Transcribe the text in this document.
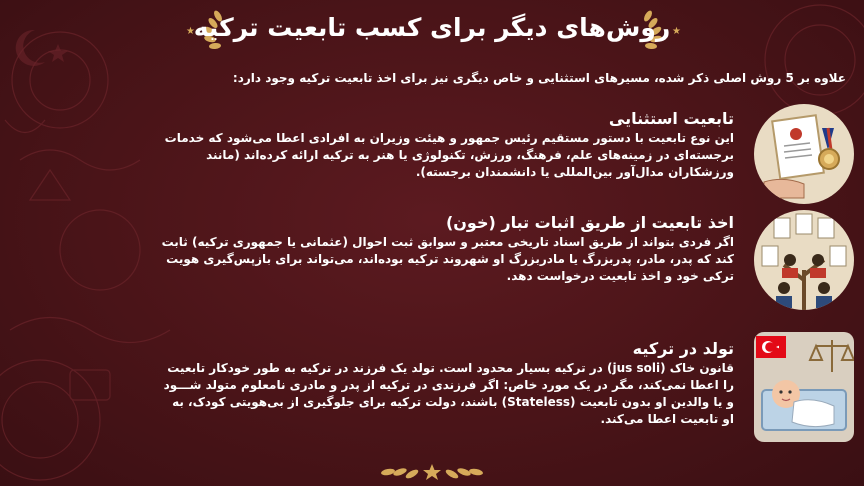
★	★
روش‌های دیگر برای کسب تابعیت ترکیه
علاوه بر 5 روش اصلی ذکر شده، مسیرهای استثنایی و خاص دیگری نیز برای اخذ تابعیت ترکیه وجود دارد:
تابعیت استثنایی

این نوع تابعیت با دستور مستقیم رئیس جمهور و هیئت وزیران به افرادی اعطا می‌شود که خدمات برجسته‌ای در زمینه‌های علم، فرهنگ، ورزش، تکنولوژی یا هنر به ترکیه ارائه کرده‌اند (مانند ورزشکاران مدال‌آور بین‌المللی یا دانشمندان برجسته).

اخذ تابعیت از طریق اثبات تبار (خون)

اگر فردی بتواند از طریق اسناد تاریخی معتبر و سوابق ثبت احوال (عثمانی یا جمهوری ترکیه) ثابت کند که پدر، مادر، پدربزرگ یا مادربزرگ او شهروند ترکیه بوده‌اند، می‌تواند برای بازپس‌گیری هویت ترکی خود و اخذ تابعیت درخواست دهد.

تولد در ترکیه

قانون خاک (jus soli) در ترکیه بسیار محدود است. تولد یک فرزند در ترکیه به طور خودکار تابعیت را اعطا نمی‌کند، مگر در یک مورد خاص: اگر فرزندی در ترکیه از پدر و مادری نامعلوم متولد شـــود و یا والدین او بدون تابعیت (Stateless) باشند، دولت ترکیه برای جلوگیری از بی‌هویتی کودک، به او تابعیت اعطا می‌کند.
